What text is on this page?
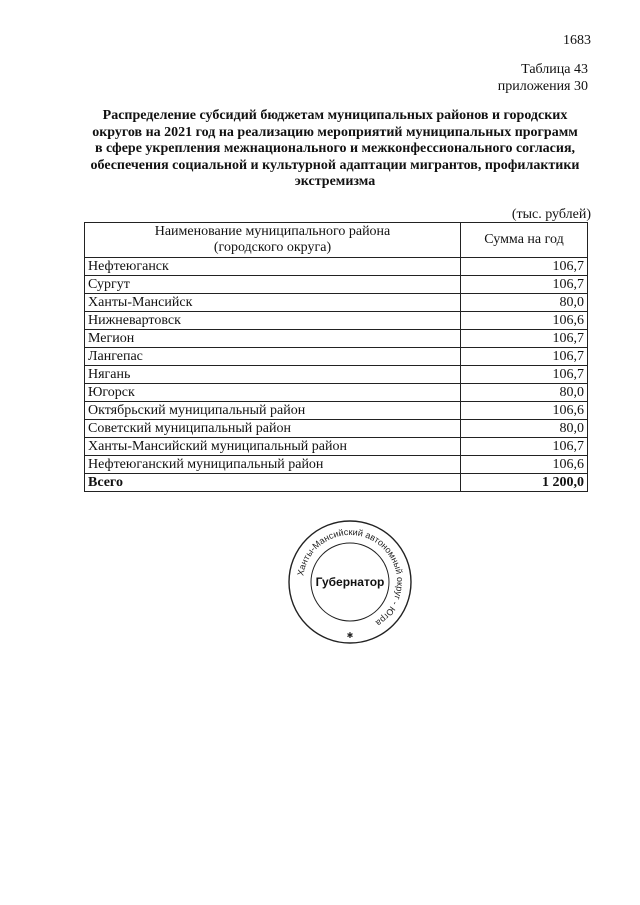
1683
Таблица 43
приложения 30
Распределение субсидий бюджетам муниципальных районов и городских
округов на 2021 год на реализацию мероприятий муниципальных программ
в сфере укрепления межнационального и межконфессионального согласия,
обеспечения социальной и культурной адаптации мигрантов, профилактики
экстремизма
(тыс. рублей)
Наименование муниципального района
(городского округа)	Сумма на год
Нефтеюганск	106,7
Сургут	106,7
Ханты-Мансийск	80,0
Нижневартовск	106,6
Мегион	106,7
Лангепас	106,7
Нягань	106,7
Югорск	80,0
Октябрьский муниципальный район	106,6
Советский муниципальный район	80,0
Ханты-Мансийский муниципальный район	106,7
Нефтеюганский муниципальный район	106,6
Всего	1 200,0
Ханты-Мансийский автономный округ - Югра
Губернатор
✱
